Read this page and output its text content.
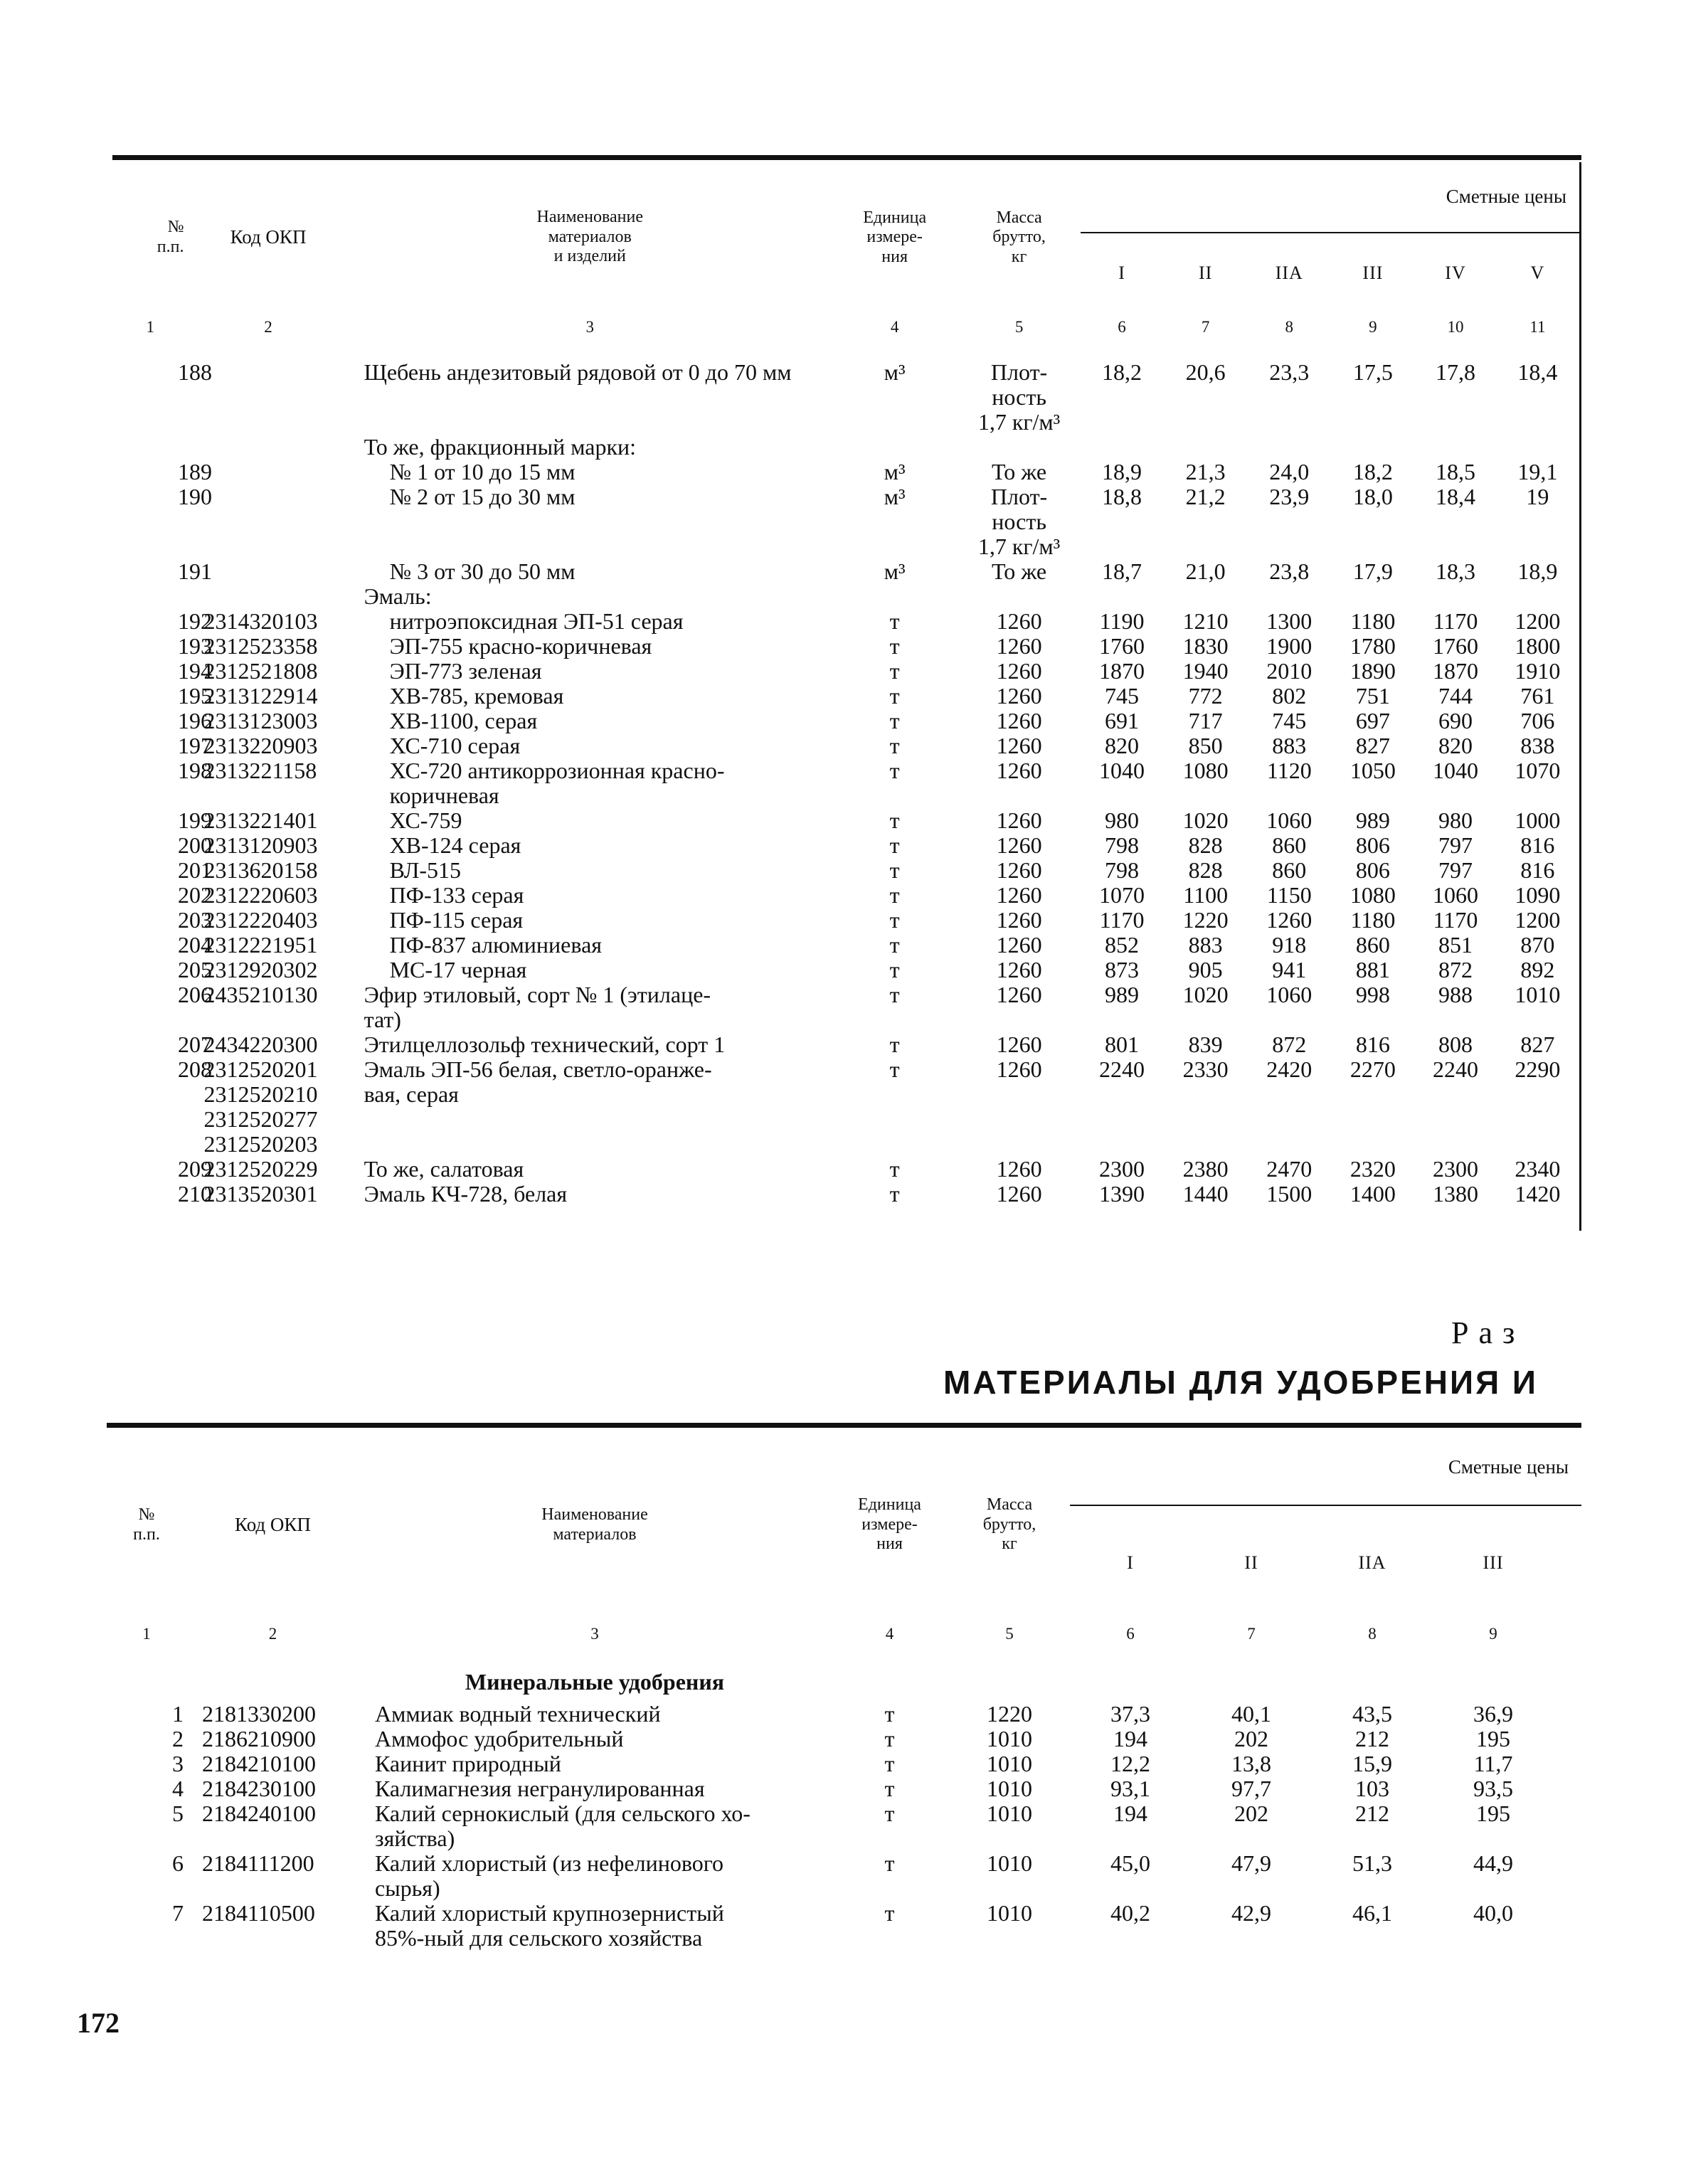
№
п.п.	Код ОКП	Наименование
материалов
и изделий	Единица
измере-
ния	Масса
брутто,
кг	Сметные цены					
					I	II	IIA	III	IV	V
1	2	3	4	5	6	7	8	9	10	11

188		Щебень андезитовый рядовой от 0 до 70 мм	м³	Плот-
ность
1,7 кг/м³	18,2	20,6	23,3	17,5	17,8	18,4

		То же, фракционный марки:								

189		№ 1 от 10 до 15 мм	м³	То же	18,9	21,3	24,0	18,2	18,5	19,1
190		№ 2 от 15 до 30 мм	м³	Плот-
ность
1,7 кг/м³	18,8	21,2	23,9	18,0	18,4	19
191		№ 3 от 30 до 50 мм	м³	То же	18,7	21,0	23,8	17,9	18,3	18,9

		Эмаль:								

192	2314320103	нитроэпоксидная ЭП-51 серая	т	1260	1190	1210	1300	1180	1170	1200
193	2312523358	ЭП-755 красно-коричневая	т	1260	1760	1830	1900	1780	1760	1800
194	2312521808	ЭП-773 зеленая	т	1260	1870	1940	2010	1890	1870	1910
195	2313122914	ХВ-785, кремовая	т	1260	745	772	802	751	744	761
196	2313123003	ХВ-1100, серая	т	1260	691	717	745	697	690	706
197	2313220903	ХС-710 серая	т	1260	820	850	883	827	820	838
198	2313221158	ХС-720 антикоррозионная красно-
коричневая	т	1260	1040	1080	1120	1050	1040	1070
199	2313221401	ХС-759	т	1260	980	1020	1060	989	980	1000
200	2313120903	ХВ-124 серая	т	1260	798	828	860	806	797	816
201	2313620158	ВЛ-515	т	1260	798	828	860	806	797	816
202	2312220603	ПФ-133 серая	т	1260	1070	1100	1150	1080	1060	1090
203	2312220403	ПФ-115 серая	т	1260	1170	1220	1260	1180	1170	1200
204	2312221951	ПФ-837 алюминиевая	т	1260	852	883	918	860	851	870
205	2312920302	МС-17 черная	т	1260	873	905	941	881	872	892
206	2435210130	Эфир этиловый, сорт № 1 (этилаце-
тат)	т	1260	989	1020	1060	998	988	1010
207	2434220300	Этилцеллозольф технический, сорт 1	т	1260	801	839	872	816	808	827
208	2312520201
2312520210
2312520277
2312520203	Эмаль ЭП-56 белая, светло-оранже-
вая, серая	т	1260	2240	2330	2420	2270	2240	2290
209	2312520229	То же, салатовая	т	1260	2300	2380	2470	2320	2300	2340
210	2313520301	Эмаль КЧ-728, белая	т	1260	1390	1440	1500	1400	1380	1420

Раз
МАТЕРИАЛЫ ДЛЯ УДОБРЕНИЯ И
№
п.п.	Код ОКП	Наименование
материалов	Единица
измере-
ния	Масса
брутто,
кг	Сметные цены				
					I	II	IIA	III	
1	2	3	4	5	6	7	8	9	

		Минеральные удобрения							
1	2181330200	Аммиак водный технический	т	1220	37,3	40,1	43,5	36,9	
2	2186210900	Аммофос удобрительный	т	1010	194	202	212	195	
3	2184210100	Каинит природный	т	1010	12,2	13,8	15,9	11,7	
4	2184230100	Калимагнезия негранулированная	т	1010	93,1	97,7	103	93,5	
5	2184240100	Калий сернокислый (для сельского хо-
зяйства)	т	1010	194	202	212	195	
6	2184111200	Калий хлористый (из нефелинового
сырья)	т	1010	45,0	47,9	51,3	44,9	
7	2184110500	Калий хлористый крупнозернистый
85%-ный для сельского хозяйства	т	1010	40,2	42,9	46,1	40,0	

172
